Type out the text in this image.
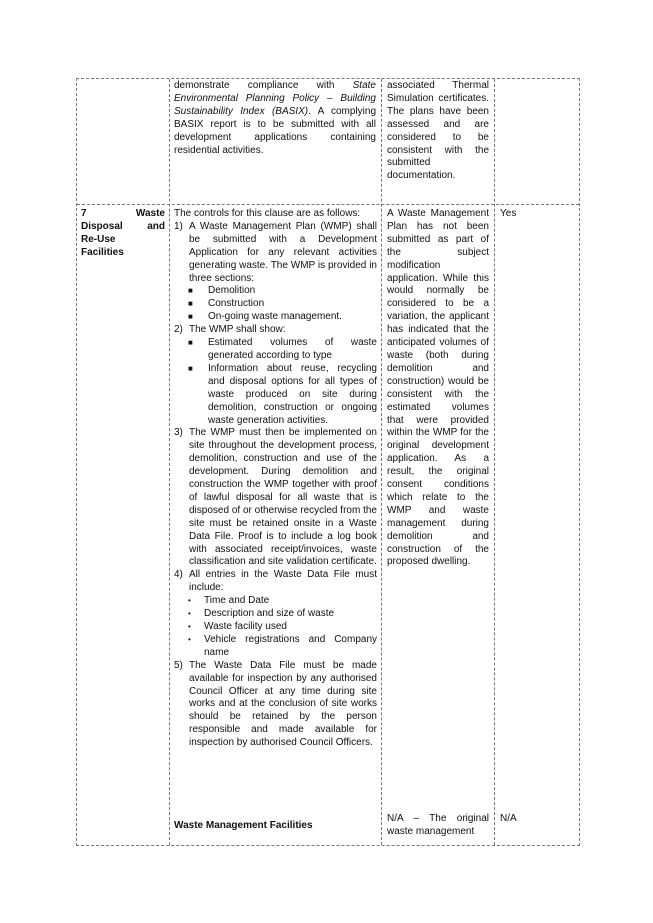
demonstrate compliance with State Environmental Planning Policy – Building Sustainability Index (BASIX). A complying BASIX report is to be submitted with all development applications containing residential activities.
associated Thermal Simulation certificates. The plans have been assessed and are considered to be consistent with the submitted documentation.
7	Waste
Disposal and
Re-Use
Facilities

The controls for this clause are as follows:

1) A Waste Management Plan (WMP) shall be submitted with a Development Application for any relevant activities generating waste. The WMP is provided in three sections:

■ Demolition
■ Construction
■ On-going waste management.
2) The WMP shall show:

■ Estimated volumes of waste generated according to type

■ Information about reuse, recycling and disposal options for all types of waste produced on site during demolition, construction or ongoing waste generation activities.

3) The WMP must then be implemented on site throughout the development process, demolition, construction and use of the development. During demolition and construction the WMP together with proof of lawful disposal for all waste that is disposed of or otherwise recycled from the site must be retained onsite in a Waste Data File. Proof is to include a log book with associated receipt/invoices, waste classification and site validation certificate.

4) All entries in the Waste Data File must include:

• Time and Date
• Description and size of waste
• Waste facility used
• Vehicle registrations and Company name

5) The Waste Data File must be made available for inspection by any authorised Council Officer at any time during site works and at the conclusion of site works should be retained by the person responsible and made available for inspection by authorised Council Officers.

Waste Management Facilities
A Waste Management Plan has not been submitted as part of the subject modification application. While this would normally be considered to be a variation, the applicant has indicated that the anticipated volumes of waste (both during demolition and construction) would be consistent with the estimated volumes that were provided within the WMP for the original development application. As a result, the original consent conditions which relate to the WMP and waste management during demolition and construction of the proposed dwelling.
Yes
N/A – The original waste management
N/A
